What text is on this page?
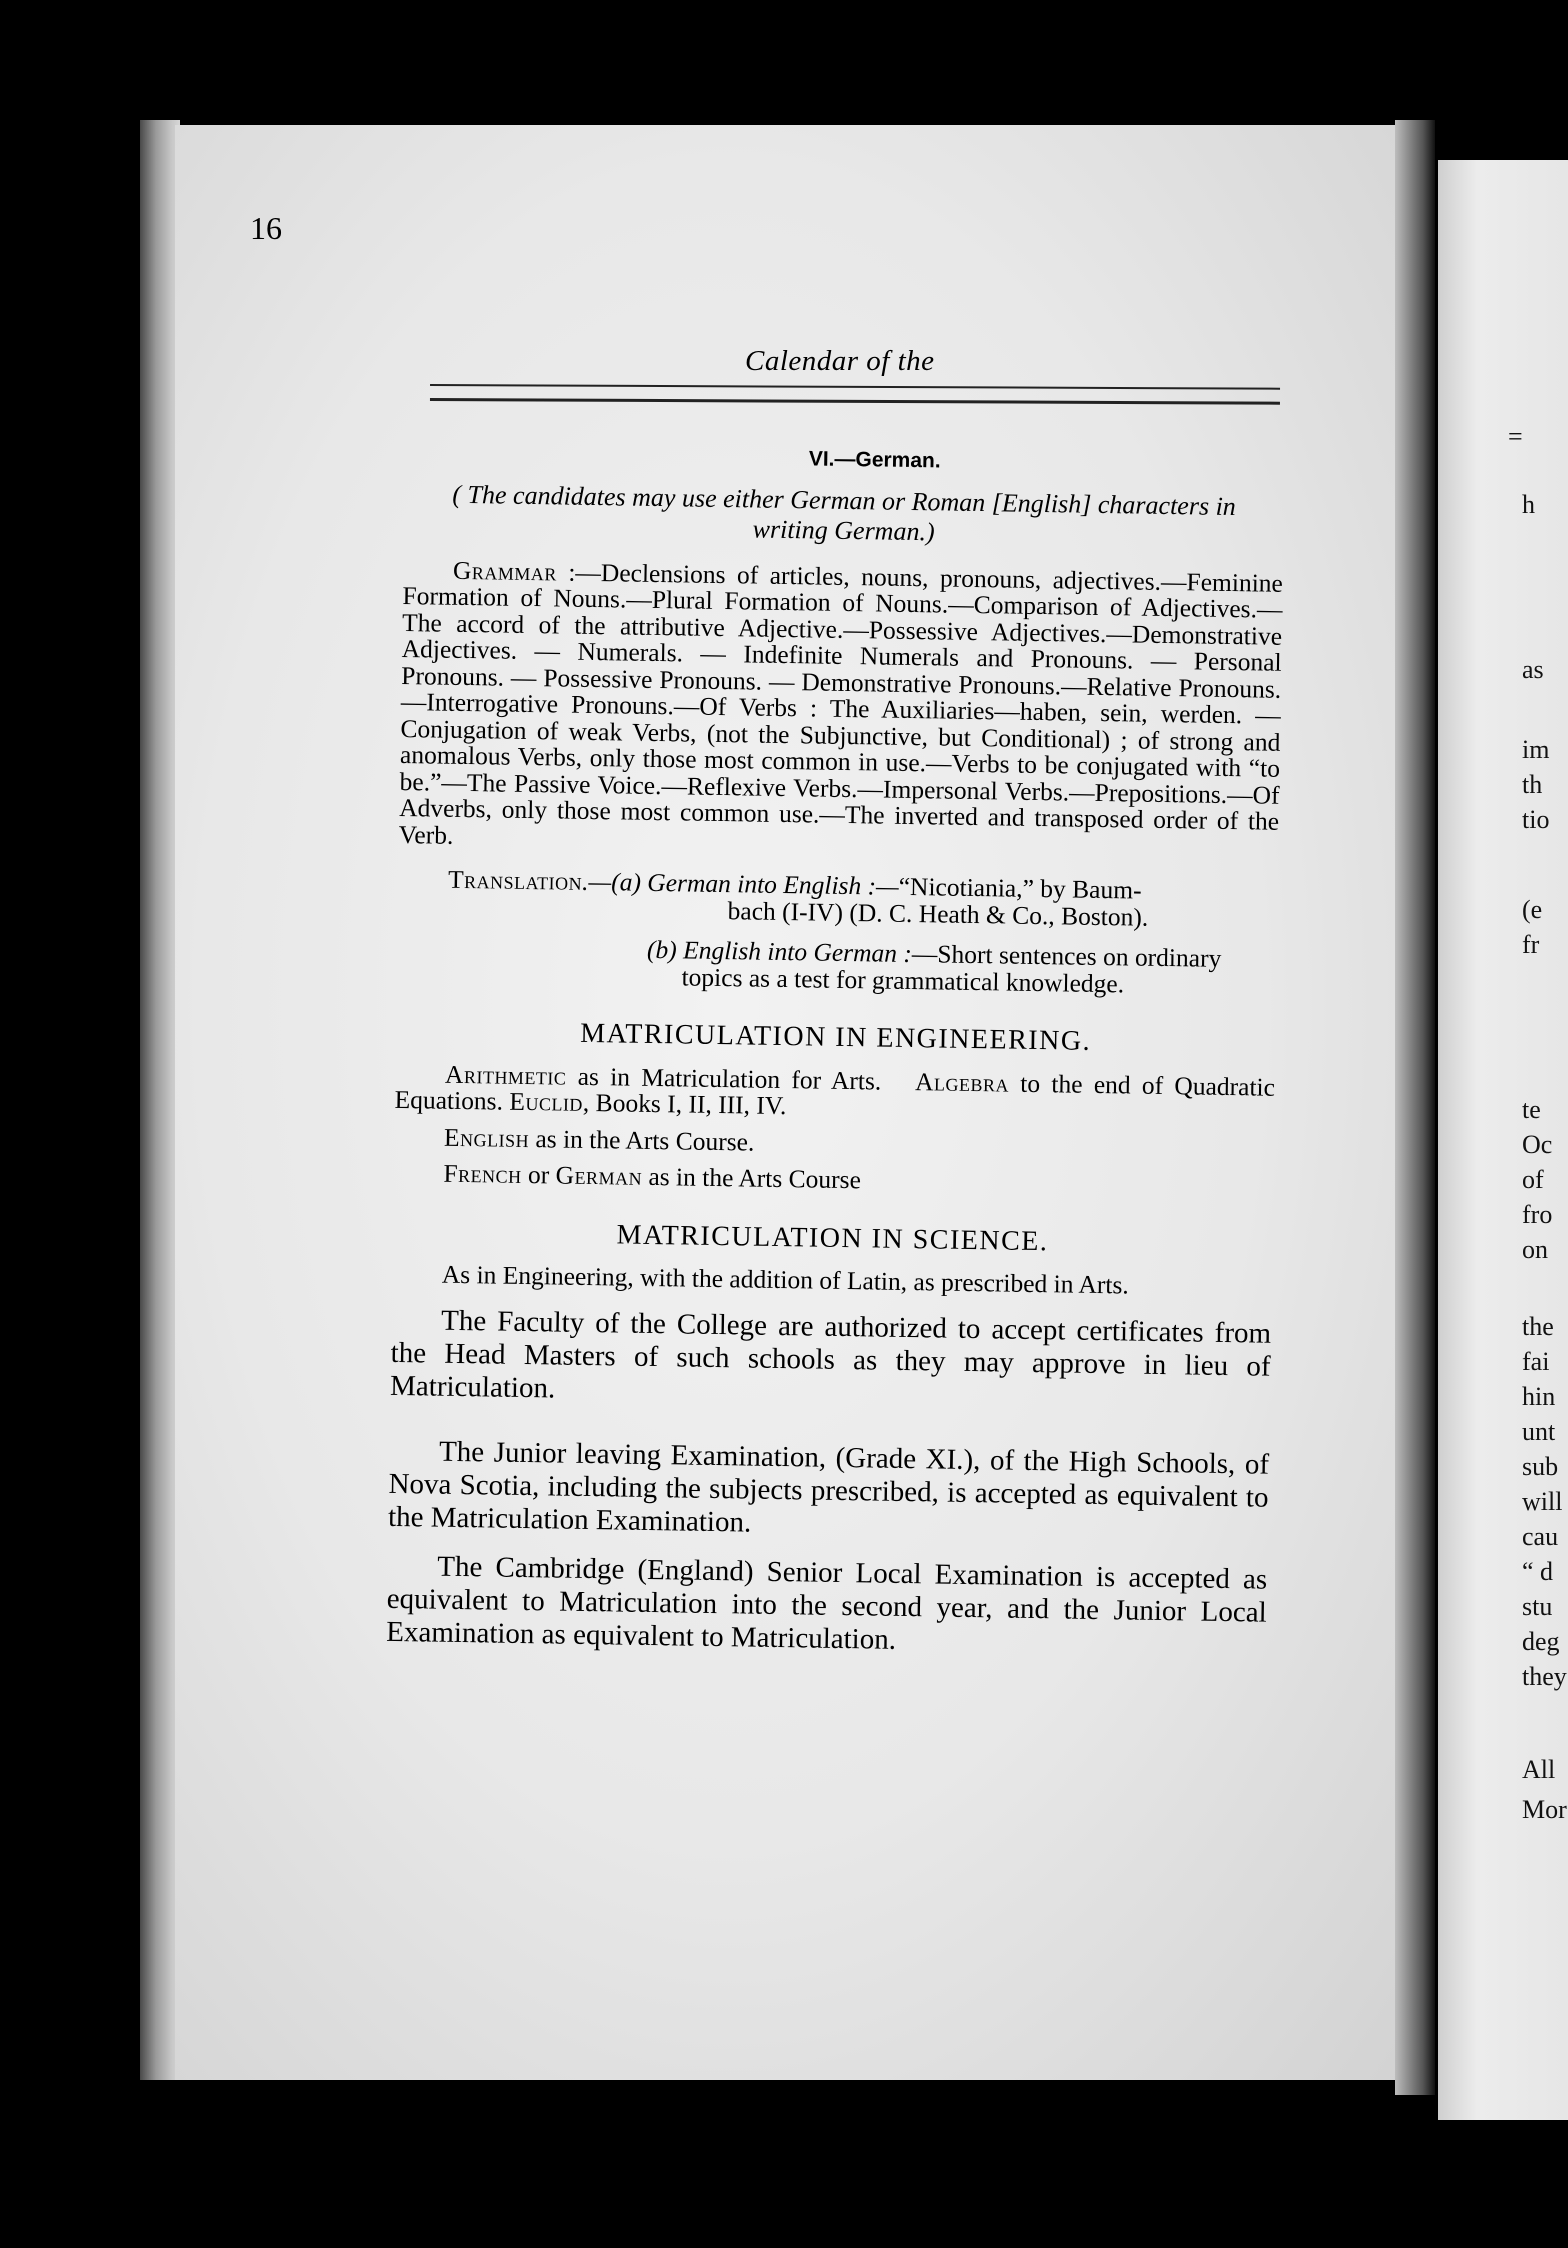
=
h
as
im
th
tio
(e
fr
te
Oc
of
fro
on
the
fai
hin
unt
sub
will
cau
“ d
stu
deg
they
All
Mor
16
Calendar of the
VI.—German.
( The candidates may use either German or Roman [English] characters in
writing German.)

Grammar :—Declensions of articles, nouns, pronouns, adjectives.—Feminine Formation of Nouns.—Plural Formation of Nouns.—Comparison of Adjectives.—The accord of the attributive Adjective.—Possessive Adjectives.—Demonstrative Adjectives. — Numerals. — Indefinite Numerals and Pronouns. — Personal Pronouns. — Possessive Pronouns. — Demonstrative Pronouns.—Relative Pronouns.—Interrogative Pronouns.—Of Verbs : The Auxiliaries—haben, sein, werden. —Conjugation of weak Verbs, (not the Subjunctive, but Conditional) ; of strong and anomalous Verbs, only those most common in use.—Verbs to be conjugated with “to be.”—The Passive Voice.—Reflexive Verbs.—Impersonal Verbs.—Prepositions.—Of Adverbs, only those most common use.—The inverted and transposed order of the Verb.

Translation.—(a) German into English :—“Nicotiania,” by Baum-
bach (I-IV) (D. C. Heath & Co., Boston).
(b) English into German :—Short sentences on ordinary
topics as a test for grammatical knowledge.
MATRICULATION IN ENGINEERING.

Arithmetic as in Matriculation for Arts. Algebra to the end of Quadratic Equations. Euclid, Books I, II, III, IV.

English as in the Arts Course.
French or German as in the Arts Course
MATRICULATION IN SCIENCE.
As in Engineering, with the addition of Latin, as prescribed in Arts.

The Faculty of the College are authorized to accept certificates from the Head Masters of such schools as they may approve in lieu of Matriculation.

The Junior leaving Examination, (Grade XI.), of the High Schools, of Nova Scotia, including the subjects prescribed, is accepted as equivalent to the Matriculation Examination.

The Cambridge (England) Senior Local Examination is accepted as equivalent to Matriculation into the second year, and the Junior Local Examination as equivalent to Matriculation.
